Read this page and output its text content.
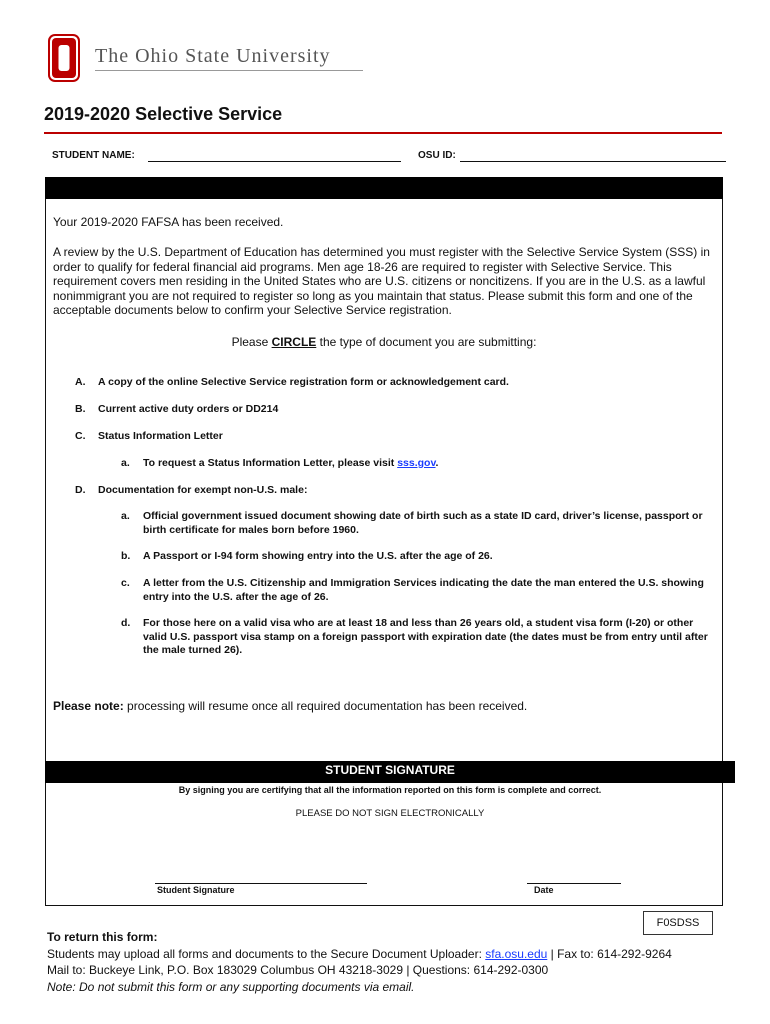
The Ohio State University
2019-2020 Selective Service
STUDENT NAME:	OSU ID:
Your 2019-2020 FAFSA has been received.
A review by the U.S. Department of Education has determined you must register with the Selective Service System (SSS) in order to qualify for federal financial aid programs. Men age 18-26 are required to register with Selective Service. This requirement covers men residing in the United States who are U.S. citizens or noncitizens. If you are in the U.S. as a lawful nonimmigrant you are not required to register so long as you maintain that status. Please submit this form and one of the acceptable documents below to confirm your Selective Service registration.
Please CIRCLE the type of document you are submitting:
A. A copy of the online Selective Service registration form or acknowledgement card.
B. Current active duty orders or DD214
C. Status Information Letter
a. To request a Status Information Letter, please visit sss.gov.
D. Documentation for exempt non-U.S. male:
a. Official government issued document showing date of birth such as a state ID card, driver’s license, passport or birth certificate for males born before 1960.
b. A Passport or I-94 form showing entry into the U.S. after the age of 26.
c. A letter from the U.S. Citizenship and Immigration Services indicating the date the man entered the U.S. showing entry into the U.S. after the age of 26.
d. For those here on a valid visa who are at least 18 and less than 26 years old, a student visa form (I-20) or other valid U.S. passport visa stamp on a foreign passport with expiration date (the dates must be from entry until after the male turned 26).
Please note: processing will resume once all required documentation has been received.
STUDENT SIGNATURE
By signing you are certifying that all the information reported on this form is complete and correct.
PLEASE DO NOT SIGN ELECTRONICALLY
Student Signature	Date
F0SDSS
To return this form:
Students may upload all forms and documents to the Secure Document Uploader: sfa.osu.edu | Fax to: 614-292-9264
Mail to: Buckeye Link, P.O. Box 183029 Columbus OH 43218-3029 | Questions: 614-292-0300
Note: Do not submit this form or any supporting documents via email.
